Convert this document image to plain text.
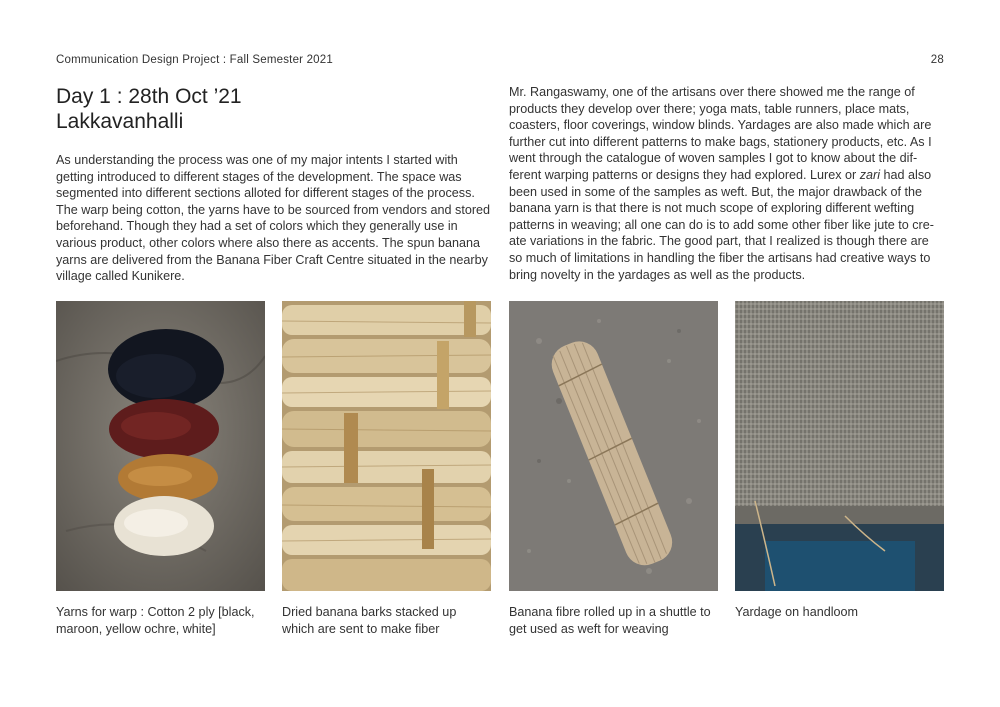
Communication Design Project : Fall Semester 2021	28
Day 1 : 28th Oct ’21
Lakkavanhalli
As understanding the process was one of my major intents I started with
getting introduced to different stages of the development. The space was
segmented into different sections alloted for different stages of the process.
The warp being cotton, the yarns have to be sourced from vendors and stored
beforehand. Though they had a set of colors which they generally use in
various product, other colors where also there as accents. The spun banana
yarns are delivered from the Banana Fiber Craft Centre situated in the nearby
village called Kunikere.
Mr. Rangaswamy, one of the artisans over there showed me the range of
products they develop over there; yoga mats, table runners, place mats,
coasters, floor coverings, window blinds. Yardages are also made which are
further cut into different patterns to make bags, stationery products, etc. As I
went through the catalogue of woven samples I got to know about the dif-
ferent warping patterns or designs they had explored. Lurex or zari had also
been used in some of the samples as weft. But, the major drawback of the
banana yarn is that there is not much scope of exploring different wefting
patterns in weaving; all one can do is to add some other fiber like jute to cre-
ate variations in the fabric. The good part, that I realized is though there are
so much of limitations in handling the fiber the artisans had creative ways to
bring novelty in the yardages as well as the products.
Yarns for warp : Cotton 2 ply [black,
maroon, yellow ochre, white]
Dried banana barks stacked up
which are sent to make fiber
Banana fibre rolled up in a shuttle to
get used as weft for weaving
Yardage on handloom
